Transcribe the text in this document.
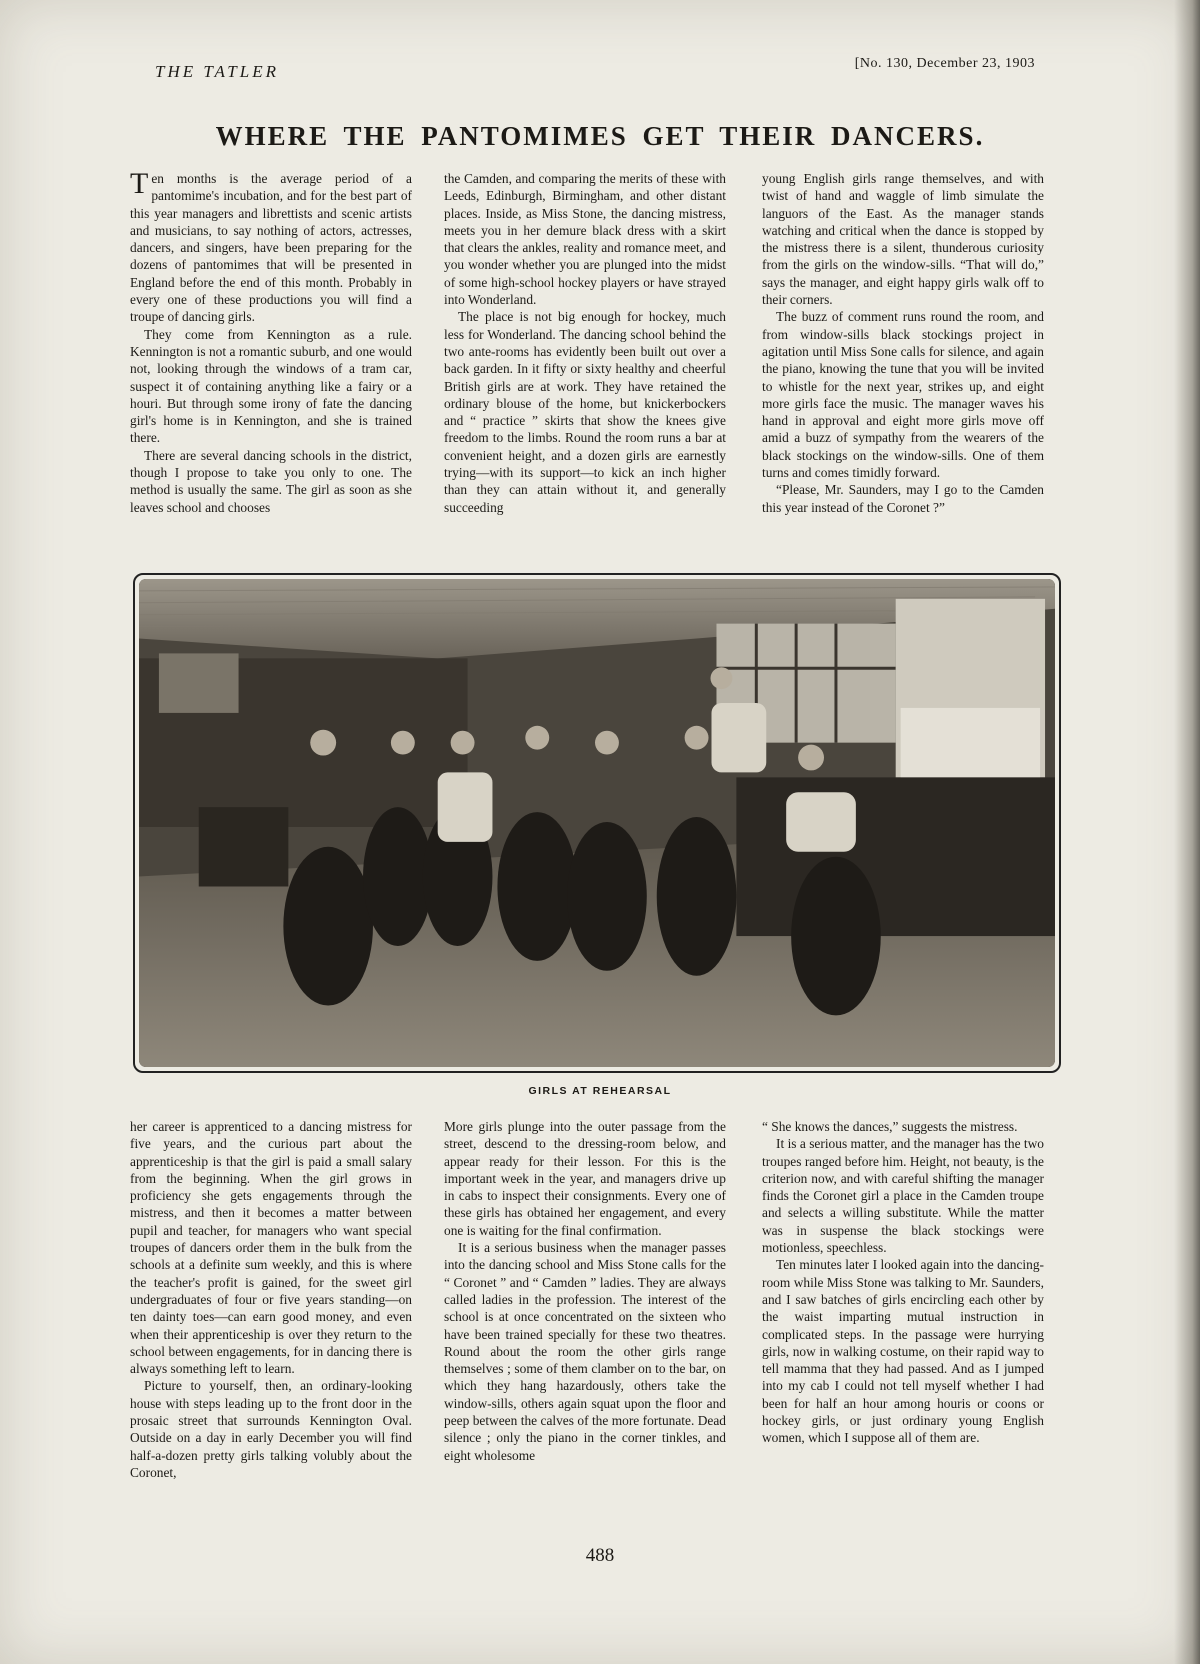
THE TATLER	[No. 130, December 23, 1903
WHERE THE PANTOMIMES GET THEIR DANCERS.

Ten months is the average period of a pantomime's incubation, and for the best part of this year managers and librettists and scenic artists and musicians, to say nothing of actors, actresses, dancers, and singers, have been preparing for the dozens of pantomimes that will be presented in England before the end of this month. Probably in every one of these productions you will find a troupe of dancing girls.

They come from Kennington as a rule. Kennington is not a romantic suburb, and one would not, looking through the windows of a tram car, suspect it of containing anything like a fairy or a houri. But through some irony of fate the dancing girl's home is in Kennington, and she is trained there.

There are several dancing schools in the district, though I propose to take you only to one. The method is usually the same. The girl as soon as she leaves school and chooses

the Camden, and comparing the merits of these with Leeds, Edinburgh, Birmingham, and other distant places. Inside, as Miss Stone, the dancing mistress, meets you in her demure black dress with a skirt that clears the ankles, reality and romance meet, and you wonder whether you are plunged into the midst of some high-school hockey players or have strayed into Wonderland.

The place is not big enough for hockey, much less for Wonderland. The dancing school behind the two ante-rooms has evidently been built out over a back garden. In it fifty or sixty healthy and cheerful British girls are at work. They have retained the ordinary blouse of the home, but knickerbockers and “ practice ” skirts that show the knees give freedom to the limbs. Round the room runs a bar at convenient height, and a dozen girls are earnestly trying—with its support—to kick an inch higher than they can attain without it, and generally succeeding

young English girls range themselves, and with twist of hand and waggle of limb simulate the languors of the East. As the manager stands watching and critical when the dance is stopped by the mistress there is a silent, thunderous curiosity from the girls on the window-sills. “That will do,” says the manager, and eight happy girls walk off to their corners.

The buzz of comment runs round the room, and from window-sills black stockings project in agitation until Miss Sone calls for silence, and again the piano, knowing the tune that you will be invited to whistle for the next year, strikes up, and eight more girls face the music. The manager waves his hand in approval and eight more girls move off amid a buzz of sympathy from the wearers of the black stockings on the window-sills. One of them turns and comes timidly forward.

“Please, Mr. Saunders, may I go to the Camden this year instead of the Coronet ?”

GIRLS AT REHEARSAL

her career is apprenticed to a dancing mistress for five years, and the curious part about the apprenticeship is that the girl is paid a small salary from the beginning. When the girl grows in proficiency she gets engagements through the mistress, and then it becomes a matter between pupil and teacher, for managers who want special troupes of dancers order them in the bulk from the schools at a definite sum weekly, and this is where the teacher's profit is gained, for the sweet girl undergraduates of four or five years standing—on ten dainty toes—can earn good money, and even when their apprenticeship is over they return to the school between engagements, for in dancing there is always something left to learn.

Picture to yourself, then, an ordinary-looking house with steps leading up to the front door in the prosaic street that surrounds Kennington Oval. Outside on a day in early December you will find half-a-dozen pretty girls talking volubly about the Coronet,

More girls plunge into the outer passage from the street, descend to the dressing-room below, and appear ready for their lesson. For this is the important week in the year, and managers drive up in cabs to inspect their consignments. Every one of these girls has obtained her engagement, and every one is waiting for the final confirmation.

It is a serious business when the manager passes into the dancing school and Miss Stone calls for the “ Coronet ” and “ Camden ” ladies. They are always called ladies in the profession. The interest of the school is at once concentrated on the sixteen who have been trained specially for these two theatres. Round about the room the other girls range themselves ; some of them clamber on to the bar, on which they hang hazardously, others take the window-sills, others again squat upon the floor and peep between the calves of the more fortunate. Dead silence ; only the piano in the corner tinkles, and eight wholesome

“ She knows the dances,” suggests the mistress.

It is a serious matter, and the manager has the two troupes ranged before him. Height, not beauty, is the criterion now, and with careful shifting the manager finds the Coronet girl a place in the Camden troupe and selects a willing substitute. While the matter was in suspense the black stockings were motionless, speechless.

Ten minutes later I looked again into the dancing-room while Miss Stone was talking to Mr. Saunders, and I saw batches of girls encircling each other by the waist imparting mutual instruction in complicated steps. In the passage were hurrying girls, now in walking costume, on their rapid way to tell mamma that they had passed. And as I jumped into my cab I could not tell myself whether I had been for half an hour among houris or coons or hockey girls, or just ordinary young English women, which I suppose all of them are.

488
